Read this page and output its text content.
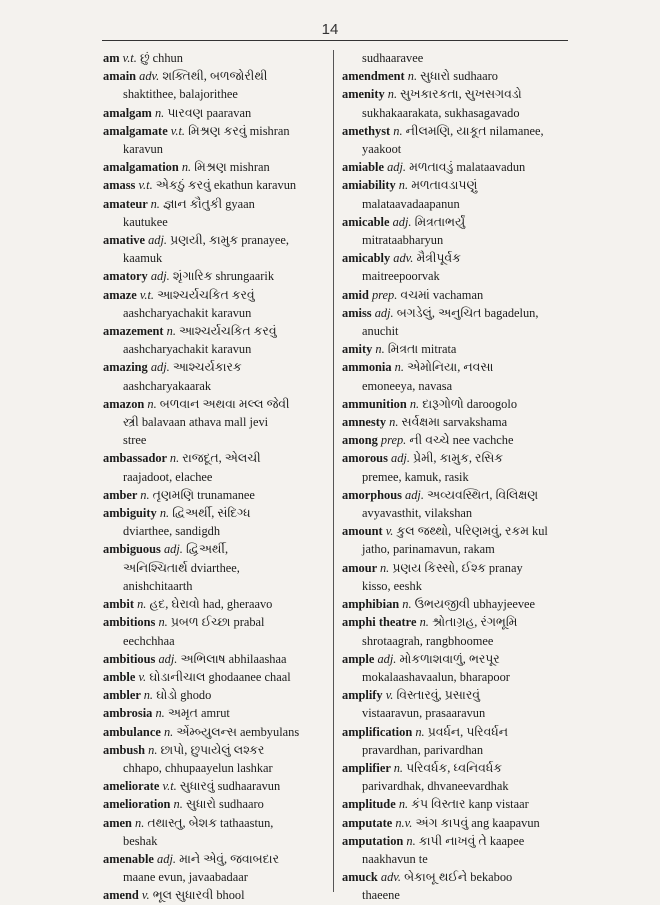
14
am v.t. છું chhun
amain adv. શક્તિથી, બળજોરીથી
shaktithee, balajorithee
amalgam n. પારવણ paaravan
amalgamate v.t. મિશ્રણ કરવું mishran
karavun
amalgamation n. મિશ્રણ mishran
amass v.t. એકઠું કરવું ekathun karavun
amateur n. જ્ઞાન કૌતુકી gyaan
kautukee
amative adj. પ્રણયી, કામુક pranayee,
kaamuk
amatory adj. શૃંગારિક shrungaarik
amaze v.t. આશ્ચર્યચકિત કરવું
aashcharyachakit karavun
amazement n. આશ્ચર્યચકિત કરવું
aashcharyachakit karavun
amazing adj. આશ્ચર્યકારક
aashcharyakaarak
amazon n. બળવાન અથવા મલ્લ જેવી
સ્ત્રી balavaan athava mall jevi
stree
ambassador n. રાજદૂત, એલચી
raajadoot, elachee
amber n. તૃણમણિ trunamanee
ambiguity n. દ્વિઅર્થી, સંદિગ્ધ
dviarthee, sandigdh
ambiguous adj. દ્વ્રિઅર્થી,
અનિશ્ચિતાર્થ dviarthee,
anishchitaarth
ambit n. હદ, ઘેરાવો had, gheraavo
ambitions n. પ્રબળ ઈચ્છા prabal
eechchhaa
ambitious adj. અભિલાષ abhilaashaa
amble v. ઘોડાનીચાલ ghodaanee chaal
ambler n. ઘોડો ghodo
ambrosia n. અમૃત amrut
ambulance n. એંમ્બ્યુલન્સ aembyulans
ambush n. છાપો, છુપાયેલું લશ્કર
chhapo, chhupaayelun lashkar
ameliorate v.t. સુધારવું sudhaaravun
amelioration n. સુધારો sudhaaro
amen n. તથાસ્તુ, બેશક tathaastun,
beshak
amenable adj. માને એવું, જવાબદાર
maane evun, javaabadaar
amend v. ભૂલ સુધારવી bhool
sudhaaravee
amendment n. સુધારો sudhaaro
amenity n. સુખકારકતા, સુખસગવડો
sukhakaarakata, sukhasagavado
amethyst n. નીલમણિ, યાકૂત nilamanee,
yaakoot
amiable adj. મળતાવડું malataavadun
amiability n. મળતાવડાપણું
malataavadaapanun
amicable adj. મિત્રતાભર્યું
mitrataabharyun
amicably adv. મૈત્રીપૂર્વક
maitreepoorvak
amid prep. વચમાં vachaman
amiss adj. બગડેલું, અનુચિત bagadelun,
anuchit
amity n. મિત્રતા mitrata
ammonia n. એમોનિયા, નવસા
emoneeya, navasa
ammunition n. દારૂગોળો daroogolo
amnesty n. સર્વક્ષમા sarvakshama
among prep. ની વચ્ચે nee vachche
amorous adj. પ્રેમી, કામુક, રસિક
premee, kamuk, rasik
amorphous adj. અવ્યવસ્થિત, વિલિક્ષણ
avyavasthit, vilakshan
amount v. કુલ જથ્થો, પરિણમવું, રકમ kul
jatho, parinamavun, rakam
amour n. પ્રણય કિસ્સો, ઈશ્ક pranay
kisso, eeshk
amphibian n. ઉભયજીવી ubhayjeevee
amphi theatre n. શ્રોતાગ્રહ, રંગભૂમિ
shrotaagrah, rangbhoomee
ample adj. મોકળાશવાળું, ભરપૂર
mokalaashavaalun, bharapoor
amplify v. વિસ્તારવું, પ્રસારવું
vistaaravun, prasaaravun
amplification n. પ્રવર્ધન, પરિવર્ધન
pravardhan, parivardhan
amplifier n. પરિવર્ધક, ધ્વનિવર્ધક
parivardhak, dhvaneevardhak
amplitude n. કંપ વિસ્તાર kanp vistaar
amputate n.v. અંગ કાપવું ang kaapavun
amputation n. કાપી નાખવું તે kaapee
naakhavun te
amuck adv. બેકાબૂ થઈને bekaboo
thaeene
